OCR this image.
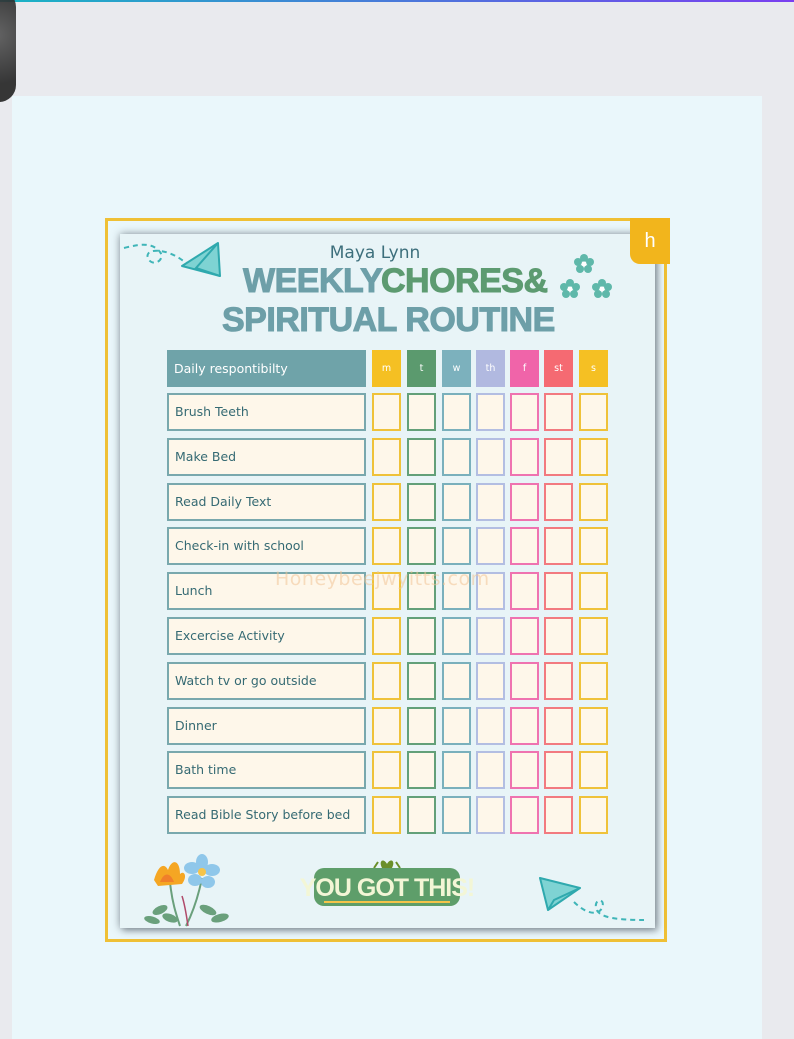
h
Maya Lynn
WEEKLY
CHORES&
SPIRITUAL ROUTINE
Daily respontibilty	m	t	w	th	f	st	s
Brush Teeth
Make Bed
Read Daily Text
Check-in with school
Lunch
Excercise Activity
Watch tv or go outside
Dinner
Bath time
Read Bible Story before bed
Honeybeejwyitts.com
YOU GOT THIS!
